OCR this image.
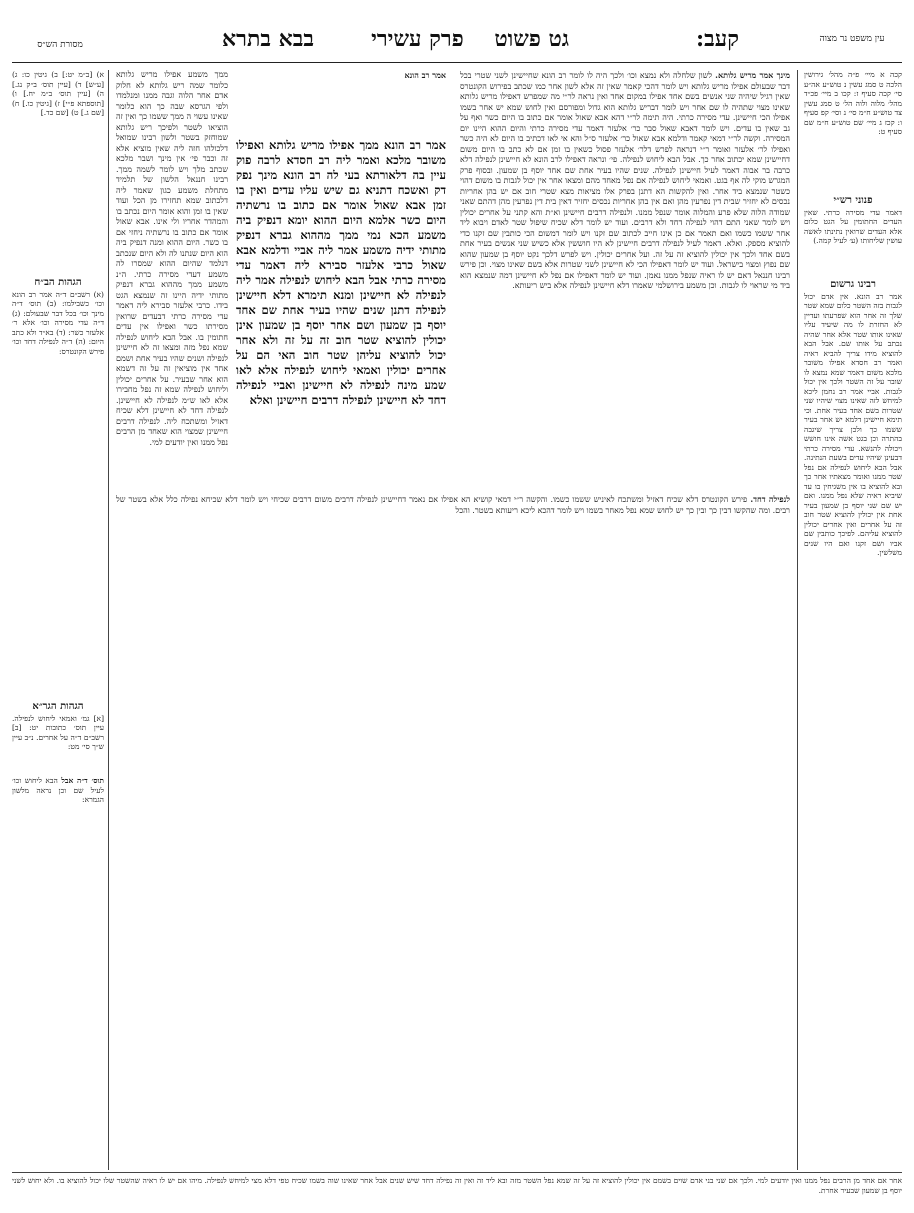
עין משפט נר מצוה
קעב:
גט פשוט    פרק עשירי
בבא בתרא
מסורת הש״ס
קכה א מיי׳ פ״ה מהל׳ גירושין הלכה ט סמג עשין נ טוש״ע אה״ע סי׳ קכה סעיף ז: קכו ב מיי׳ פכ״ד מהל׳ מלוה ולוה הל׳ ט סמג עשין צד טוש״ע ח״מ סי׳ נ וסי׳ קפ סעיף ו: קכז ג מיי׳ שם טוש״ע ח״מ שם סעיף ט:
פנוני רש״י
דאמר עדי מסירה כרתי. שאין העדים החתומין על הגט כלום אלא העדים שרואין נתינתו לאשה עושין שליחותו (ע׳ לעיל קמה.)
רבינו גרשום
אמר רב הונא. אין אדם יכול לגבות בזה השטר כלום שמא שטר שלך זה אחר הוא שפרעתו ועדיין לא החזרת לו מה שיעיד עליו שאינו אותו שטר אלא אחר שהיה נכתב על אותו שם. אבל הבא להוציא מידו צריך להביא ראיה ואמר רב חסדא אפילו משובר מלכא משום דאמר שמא נמצא לו שובר על זה השטר ולכך אין יכול לגבות. אביי אמר רב נחמן ליכא למיחש לזה שאינו מצוי שיהיו שני שטרות בשם אחד בעיר אחת. וכי תימא חיישינן דלמא יש אחר בעיר ששמו כך ולכן צריך שיגבה בהתרה וכן בגט אשה אינו חושש ויכולה להנשא. עדי מסירה כרתי דבעינן שיהיו עדים בשעת הנתינה. אבל הבא ליחוש לנפילה אם נפל שטר ממנו ואומר מצאתיו אחר כך ובא להוציא בו אין משגיחין בו עד שיביא ראיה שלא נפל ממנו. ואם יש שם שני יוסף בן שמעון בעיר אחת אין יכולין להוציא שטר חוב זה על אחרים ואין אחרים יכולין להוציא עליהם. לפיכך כותבין שם אביו ושם זקנו ואם היו שנים משלשין.
מינך אמר מריש גלותא. לשון שלחלה ולא נמצא וכו׳ ולכך היה לו לומר רב הונא שחיישינן לשני שטרי בכל דבר שבעולם אפילו מריש גלותא ויש לומר דהכי קאמר שאין זה אלא לשון אחר כמו שכתב בפירוש הקונטרס שאין רגיל שיהיה שני אנשים בשם אחד אפילו במקום אחד ואין נראה לר״י מה שמפרש דאפילו מריש גלותא שאינו מצוי שתהיה לו שם אחר ויש לומר דבריש גלותא הוא גדול ומפורסם ואין לחוש שמא יש אחר בשמו אפילו הכי חיישינן. עדי מסירה כרתי. היה תימה לר״י דהא אבא שאול אומר אם כתוב בו היום כשר ואף על גב שאין בו עדים. ויש לומר דאבא שאול סבר כר׳ אלעזר דאמר עדי מסירה כרתי והיום ההוא היינו יום המסירה. וקשה לר״י דמאי קאמר ודלמא אבא שאול כר׳ אלעזר ס״ל והא אי לאו דכתיב בו היום לא היה כשר ואפילו לר׳ אלעזר ואומר ר״י דנראה לפרש דלר׳ אלעזר פסול כשאין בו זמן אם לא כתב בו היום משום דחיישינן שמא יכתוב אחר כך. אבל הבא ליחוש לנפילה. פי׳ ונראה דאפילו לרב הונא לא חיישינן לנפילה דלא כרבה בר אבוה דאמר לעיל חיישינן לנפילה. שנים שהיו בעיר אחת שם אחד יוסף בן שמעון. ובסוף פרק המגרש מוקי לה אף בגט. ואמאי ליחוש לנפילה אם נפל מאחד מהם ומצאו אחר אין יכול לגבות בו משום דהוי כשטר שנמצא ביד אחר. ואין להקשות הא דתנן בפרק אלו מציאות מצא שטרי חוב אם יש בהן אחריות נכסים לא יחזיר שבית דין נפרעין מהן ואם אין בהן אחריות נכסים יחזיר דאין בית דין נפרעין מהן דהתם שאני שמודה הלוה שלא פרע והמלוה אומר שנפל ממנו. ולנפילה דרבים חיישינן וא״ת והא קתני על אחרים יכולין ויש לומר שאני התם דהוי לנפילה דחד ולא דרבים. ועוד יש לומר דלא שכיח שיפול שטר לאדם ויבוא ליד אחר ששמו כשמו ואם תאמר אם כן אינו חייב לכתוב שם זקנו ויש לומר דמשום הכי כותבין שם זקנו כדי להוציא מספק. ואלא. דאמר לעיל לנפילה דרבים חיישינן לא היו חוששין אלא כשיש שני אנשים בעיר אחת בשם אחד ולכך אין יכולין להוציא זה על זה. ועל אחרים יכולין. ויש לפרש דלכך נקט יוסף בן שמעון שהוא שם נפוץ ומצוי בישראל. ועוד יש לומר דאפילו הכי לא חיישינן לשני שטרות אלא בשם שאינו מצוי. וכן פירש רבינו חננאל דאם יש לו ראיה שנפל ממנו נאמן. ועוד יש לומר דאפילו אם נפל לא חיישינן דמה שנמצא הוא ביד מי שראוי לו לגבות. וכן משמע בירושלמי שאמרו דלא חיישינן לנפילה אלא ביש ריעותא.
אמר רב הונא ממך אפילו מריש גלותא ואפילו משובר מלכא ואמר ליה רב חסדא לרבה פוק עיין בה דלאורתא בעי לה רב הונא מינך נפק דק ואשכח דתניא גם שיש עליו עדים ואין בו זמן אבא שאול אומר אם כתוב בו נרשתיה היום כשר אלמא היום ההוא יומא דנפיק ביה משמע הכא נמי ממך מההוא גברא דנפיק מתותי ידיה משמע אמר ליה אביי ודלמא אבא שאול כרבי אלעזר סבירא ליה דאמר עדי מסירה כרתי אבל הבא ליחוש לנפילה אמר ליה לנפילה לא חיישינן ומנא תימרא דלא חיישינן לנפילה דתנן שנים שהיו בעיר אחת שם אחד יוסף בן שמעון ושם אחר יוסף בן שמעון אינן יכולין להוציא שטר חוב זה על זה ולא אחר יכול להוציא עליהן שטר חוב האי הם על אחרים יכולין ואמאי ליחוש לנפילה אלא לאו שמע מינה לנפילה לא חיישינן ואביי לנפילה דחד לא חיישינן לנפילה דרבים חיישינן ואלא
אמר רב הונא
ממך משמע אפילו מריש גלותא כלומר שמה ריש גלותא לא חלוק אדם אחר הלוה וגבה ממנו ומנלמדו ולפי הגרסא שבה כך הוא כלומר שאינו עשוי ה ממך ששמו כך ואין זה הוציאו לשטר ולפיכך ריש גלותא שמוחזק בשטר ולשון רבינו שמואל דלכולהו חזה ליה שאין מוציא אלא זה וכבר פי׳ אין מינך ושבר מלכא שכתב מלך ויש לומר לשמה ממך. רבינו חננאל הלשון של תלמיד מתחלת משמע כגון שאמר ליה דלכתוב שמא תחזירו מן הכל ועוד שאין בו זמן והוא אומר היום נכתב בו והמהדר אחריו ולי אינו. אבא שאול אומר אם כתוב בו נרשתיה ניחזי אם בו כשר. היום ההוא ומנה דנפיק ביה הוא היום שנתנו לה ולא היום שנכתב דנלמד שהיום ההוא שמסרו לה משמע דעדי מסירה כרתי. ה״נ משמע ממך מההוא גברא דנפיק מתותי ידיה היינו זה שנמצא הגט בידו. כרבי אלעזר סבירא ליה דאמר עדי מסירה כרתי דבעדים שרואין מסירתו כשר ואפילו אין עדים חתומין בו. אבל הבא ליחוש לנפילה שמא נפל מזה ומצאו זה לא חיישינן לנפילה ושנים שהיו בעיר אחת ושמם אחד אין מוציאין זה על זה דשמא הוא אחר שבעיר. על אחרים יכולין וליחוש לנפילה שמא זה נפל מחבירו אלא לאו ש״מ לנפילה לא חיישינן. לנפילה דחד לא חיישינן דלא שכיח דאזיל ומשתכח ליה. לנפילה דרבים חיישינן שמצוי הוא שאחד מן הרבים נפל ממנו ואין יודעים למי.
לנפילה דחד. פירש הקונטרס דלא שכיח דאזיל ומשתכח לאיניש ששמו כשמו. והקשה ר״י דמאי קושיא הא אפילו אם נאמר דחיישינן לנפילה דרבים משום דרבים שכיחי ויש לומר דלא שכיחא נפילה כלל אלא בשטר של רבים. ומה שהקשו דבין כך ובין כך יש לחוש שמא נפל מאחר בשמו ויש לומר דהכא ליכא ריעותא בשטר. והכל
א) [ב״מ יט:] ב) גיטין כו: ג) [ע״ש] ד) [עיין תוס׳ ב״ק נג.] ה) [עיין תוס׳ ב״מ יח.] ו) [תוספתא פ״י] ז) [גיטין כו.] ח) [שם ג.] ט) [שם כד.]
הגהות הב״ח
(א) רשב״ם ד״ה אמר רב הונא וכו׳ כשבילמו: (ב) תוס׳ ד״ה מינך וכו׳ בכל דבר שבעולם: (ג) ד״ה עדי מסירה וכו׳ אלא ר׳ אלעזר כשר: (ד) בא״ד ולא כתב היום: (ה) ד״ה לנפילה דחד וכו׳ פירש הקונטרס:
הגהות הגר״א
[א] גמ׳ ואמאי ליחוש לנפילה. עיין תוס׳ כתובות יט: [ב] רשב״ם ד״ה על אחרים. נ״ב עיין ש״ך סי׳ מט:
תוס׳ ד״ה אבל הבא ליחוש וכו׳ לעיל שם וכן נראה מלשון הגמרא:
אחר אם אחד מן הרבים נפל ממנו ואין יודעים למי. ולכך אם שני בני אדם שוים בשמם אין יכולין להוציא זה על זה שמא נפל השטר מזה ובא ליד זה ואין זה נפילה דחד שיש שנים אבל אחר שאינו שוה בשמו שכיח טפי דלא מצי למיחש לנפילה. מיהו אם יש לו ראיה שהשטר שלו יכול להוציא בו. ולא יחוש לשני יוסף בן שמעון שבעיר אחרת.
